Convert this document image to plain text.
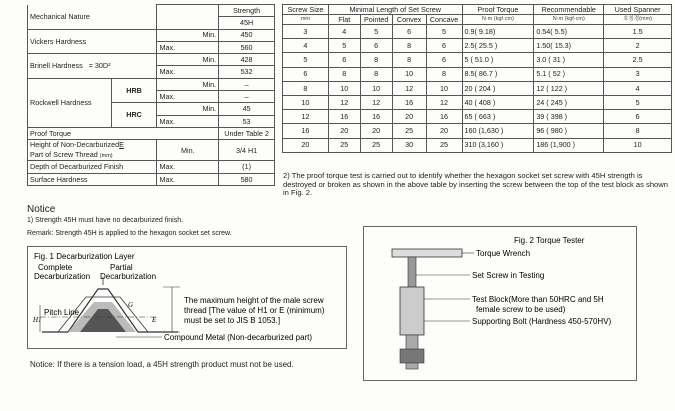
Mechanical Nature			Strength
			45H
Vickers Hardness		Min.	450
		Max.	560
Brinell Hardness = 30D²		Min.	428
		Max.	532
Rockwell Hardness	HRB	Min.	–
		Max.	–
	HRC	Min.	45
		Max.	53
Proof Torque			Under Table 2
Height of Non-DecarburizedE
Part of Screw Thread (mm)		Min.	3/4 H1

Depth of Decarburized Finish		Max.	(1)
Surface Hardness		Max.	580
Screw Size	Minimal Length of Set Screw				Proof Torque	Recommendable	Used Spanner
mm	Flat	Pointed	Convex	Concave	N·m (kgf·cm)	N·m (kgf·cm)	호칭경(mm)
3	4	5	6	5	0.9( 9.18)	0.54( 5.5)	1.5
4	5	6	8	6	2.5( 25.5 )	1.50( 15.3)	2
5	6	8	8	6	5 ( 51.0 )	3.0 ( 31 )	2.5
6	8	8	10	8	8.5( 86.7 )	5.1 ( 52 )	3
8	10	10	12	10	20 ( 204 )	12 ( 122 )	4
10	12	12	16	12	40 ( 408 )	24 ( 245 )	5
12	16	16	20	16	65 ( 663 )	39 ( 398 )	6
16	20	20	25	20	160 (1,630 )	96 ( 980 )	8
20	25	25	30	25	310 (3,160 )	186 (1,900 )	10
2) The proof torque test is carried out to identify whether the hexagon socket set screw with 45H strength is destroyed or broken as shown in the above table by inserting the screw between the top of the test block as shown in Fig. 2.
Notice
1) Strength 45H must have no decarburized finish.
Remark: Strength 45H is applied to the hexagon socket set screw.
Fig. 1 Decarburization Layer
Complete
Decarburization
Partial
Decarburization
Pitch Line
H1
G
E
The maximum height of the male screw
thread [The value of H1 or E (minimum)
must be set to JIS B 1053.]
Compound Metal (Non-decarburized part)
Fig. 2 Torque Tester
Torque Wrench
Set Screw in Testing
Test Block(More than 50HRC and 5H
female screw to be used)
Supporting Bolt (Hardness 450-570HV)
Notice: If there is a tension load, a 45H strength product must not be used.
